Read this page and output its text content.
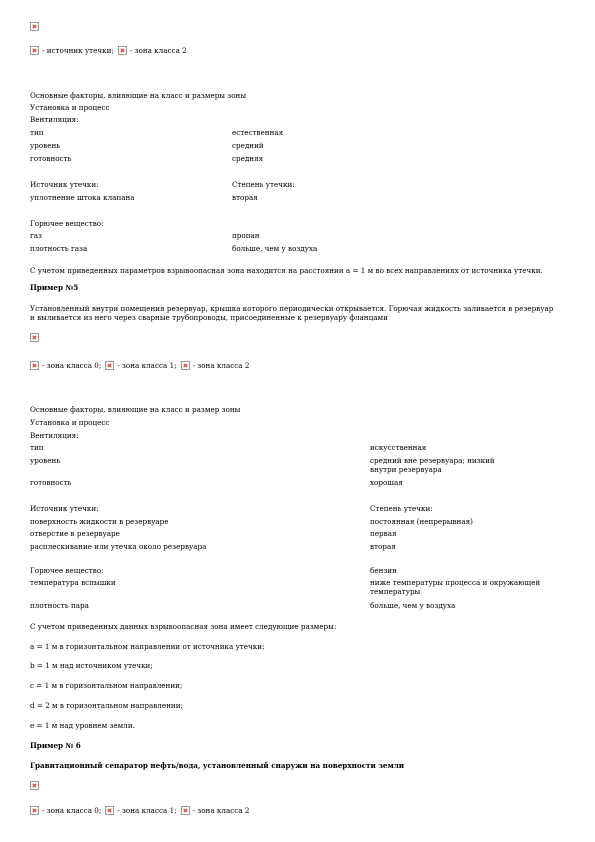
- источник утечки; - зона класса 2
Основные факторы, влияющие на класс и размеры зоны
Установка и процесс
Вентиляция:
тип	естественная
уровень	средний
готовность	средняя
Источник утечки:	Степень утечки:
уплотнение штока клапана	вторая
Горючее вещество:
газ	пропан
плотность газа	больше, чем у воздуха
С учетом приведенных параметров взрывоопасная зона находится на расстоянии а = 1 м во всех направлениях от источника утечки.
Пример №5
Установленный внутри помещения резервуар, крышка которого периодически открывается. Горючая жидкость заливается в резервуар и выливается из него через сварные трубопроводы, присоединенные к резервуару фланцами
- зона класса 0; - зона класса 1; - зона класса 2
Основные факторы, влияющие на класс и размер зоны
Установка и процесс
Вентиляция:
тип	искусственная
уровень	средний вне резервуара; низкий внутри резервуара
готовность	хорошая
Источник утечки:	Степень утечки:
поверхность жидкости в резервуаре	постоянная (непрерывная)
отверстие в резервуаре	первая
расплескивание или утечка около резервуара	вторая
Горючее вещество:	бензин
температура вспышки	ниже температуры процесса и окружающей температуры
плотность пара	больше, чем у воздуха
С учетом приведенных данных взрывоопасная зона имеет следующие размеры:
a = 1 м в горизонтальном направлении от источника утечки;
b = 1 м над источником утечки;
c = 1 м в горизонтальном направлении;
d = 2 м в горизонтальном направлении;
e = 1 м над уровнем земли.
Пример № 6
Гравитационный сепаратор нефть/вода, установленный снаружи на поверхности земли
- зона класса 0; - зона класса 1; - зона класса 2
